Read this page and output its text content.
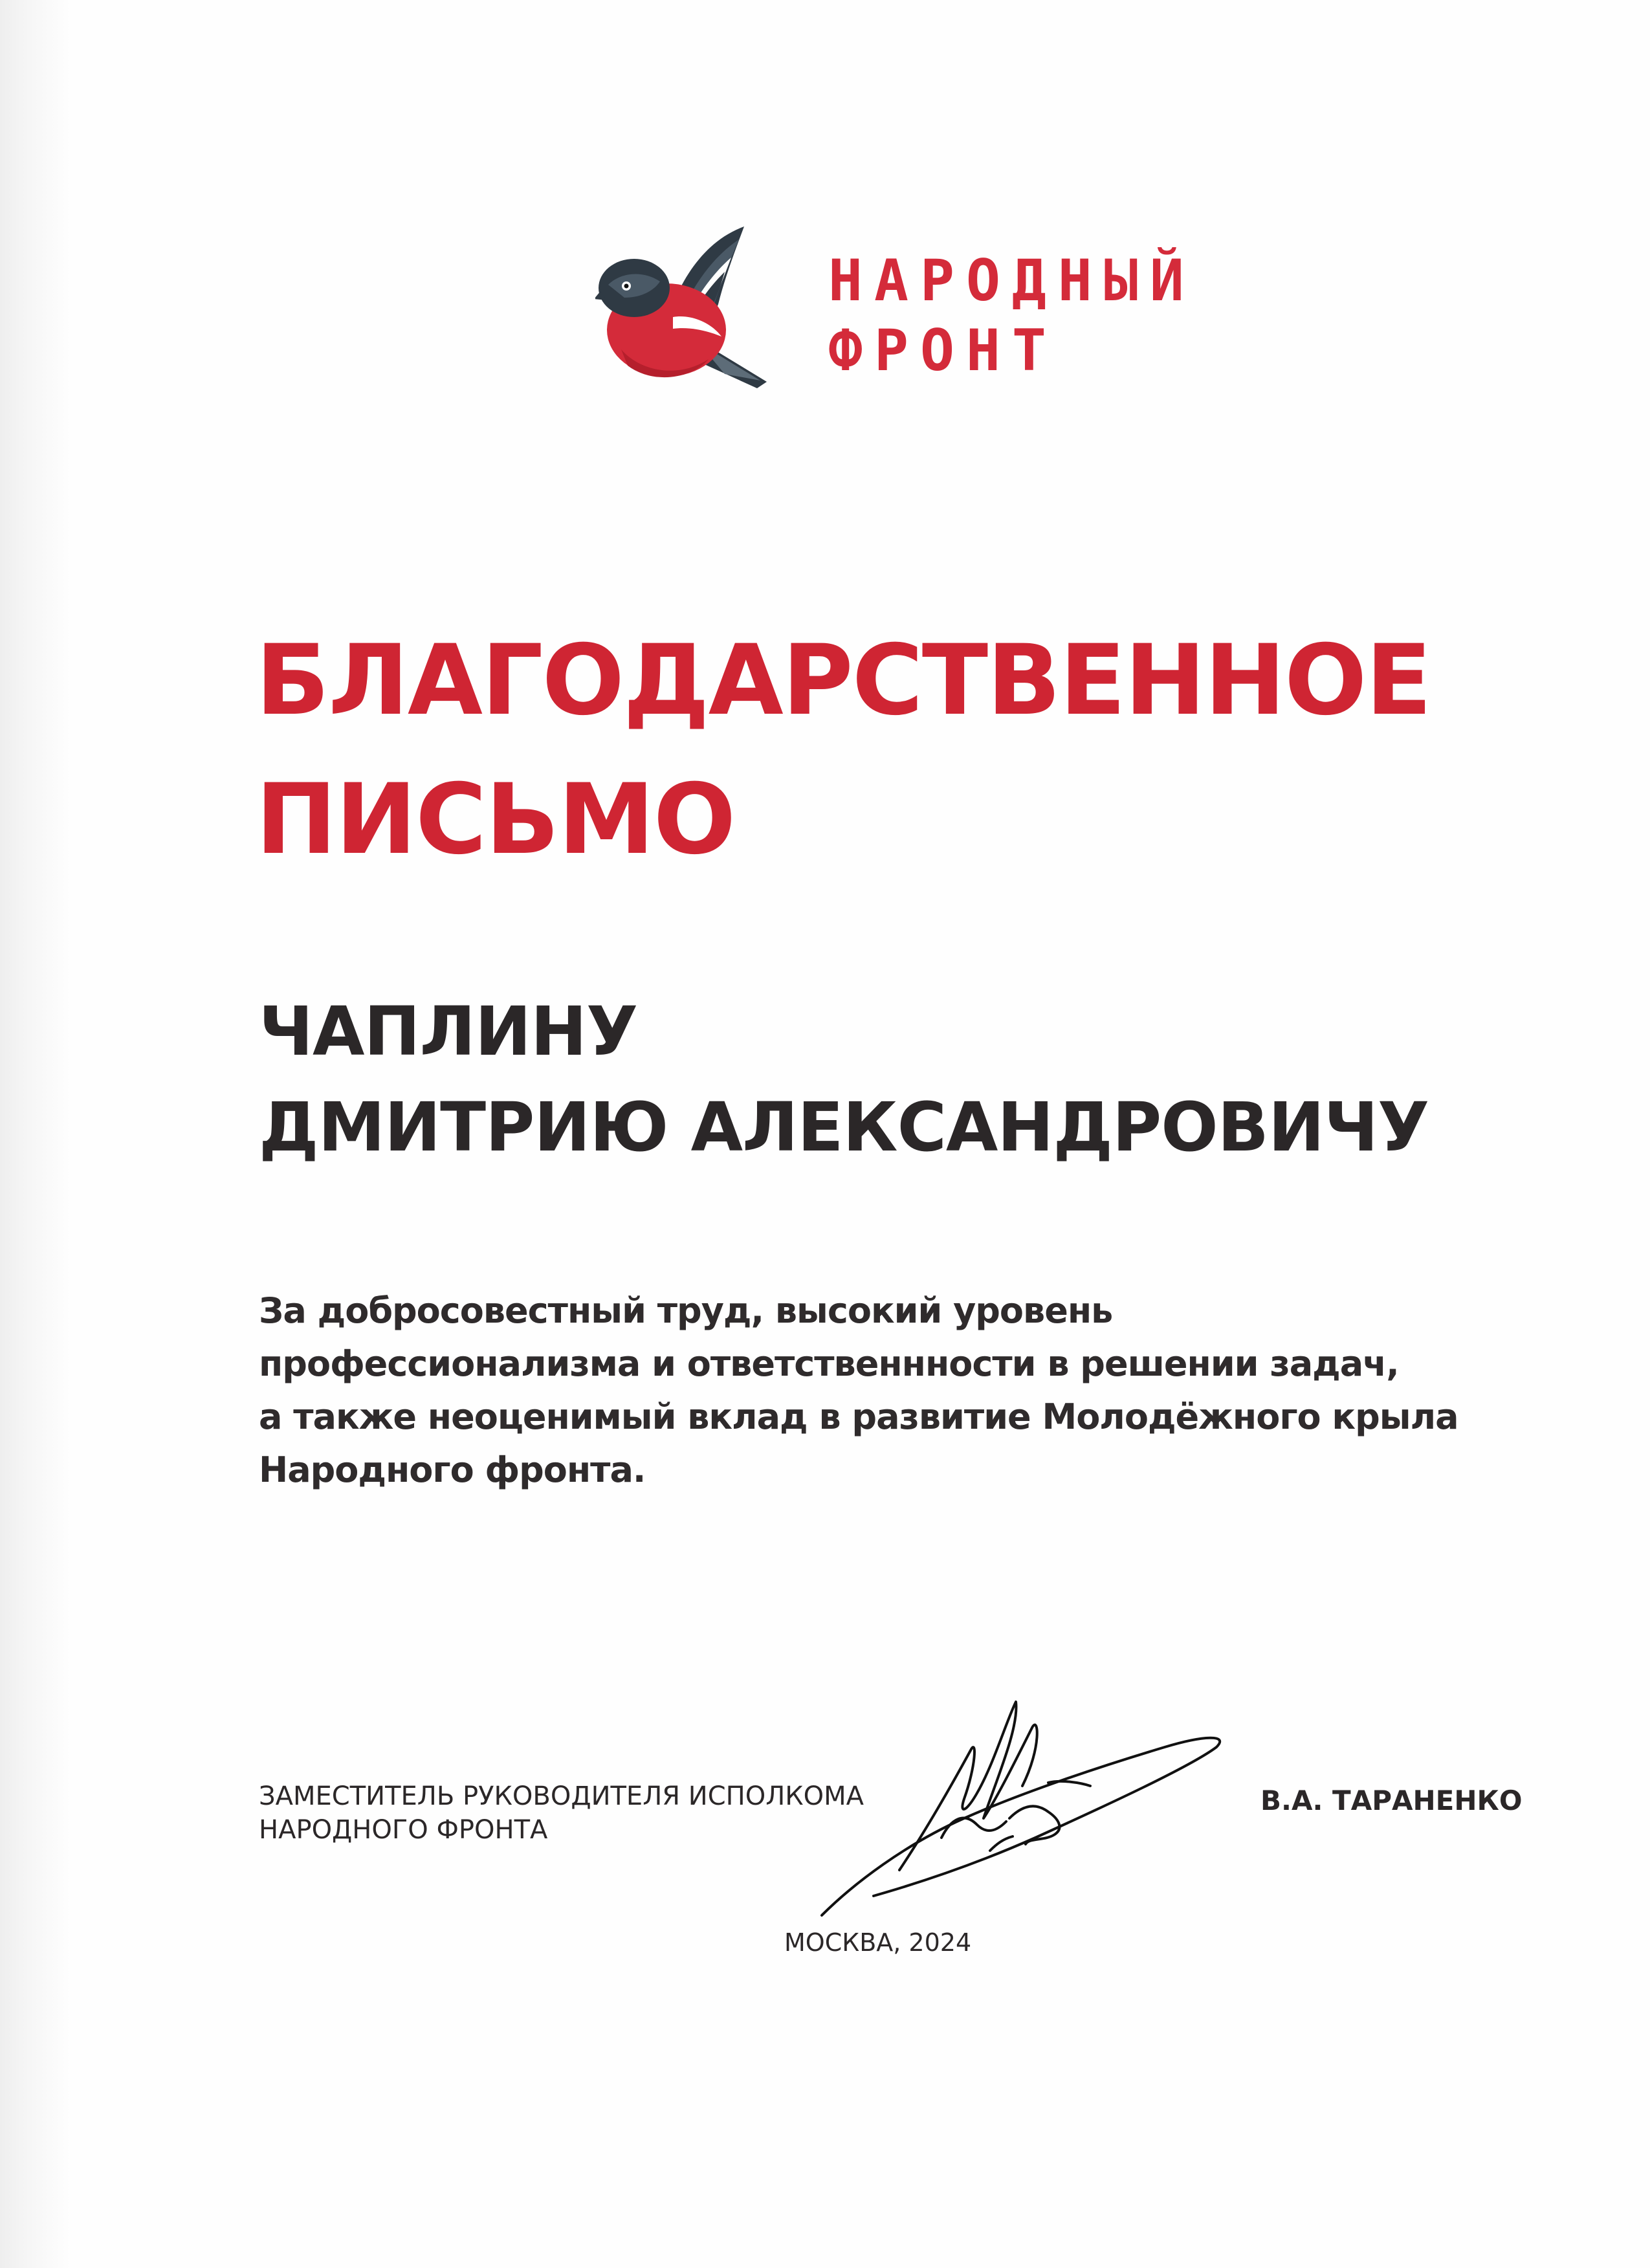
НАРОДНЫЙ
ФРОНТ
БЛАГОДАРСТВЕННОЕ
ПИСЬМО
ЧАПЛИНУ
ДМИТРИЮ АЛЕКСАНДРОВИЧУ
За добросовестный труд, высокий уровень
профессионализма и ответственнности в решении задач,
а также неоценимый вклад в развитие Молодёжного крыла
Народного фронта.
ЗАМЕСТИТЕЛЬ РУКОВОДИТЕЛЯ ИСПОЛКОМА
НАРОДНОГО ФРОНТА
В.А. ТАРАНЕНКО
МОСКВА, 2024
